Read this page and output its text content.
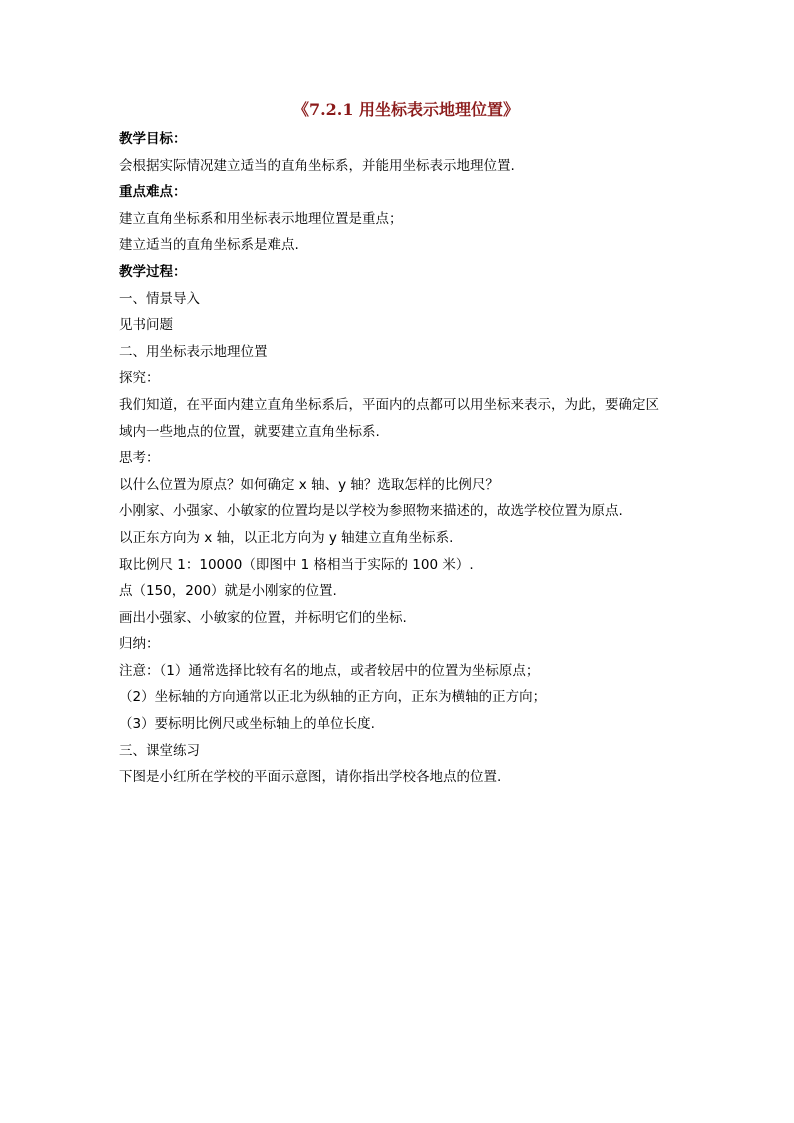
《7.2.1 用坐标表示地理位置》
教学目标：
会根据实际情况建立适当的直角坐标系，并能用坐标表示地理位置.
重点难点：
建立直角坐标系和用坐标表示地理位置是重点；
建立适当的直角坐标系是难点.
教学过程：
一、情景导入
见书问题
二、用坐标表示地理位置
探究：
我们知道，在平面内建立直角坐标系后，平面内的点都可以用坐标来表示，为此，要确定区
域内一些地点的位置，就要建立直角坐标系.
思考：
以什么位置为原点？如何确定 x 轴、y 轴？选取怎样的比例尺？
小刚家、小强家、小敏家的位置均是以学校为参照物来描述的，故选学校位置为原点.
以正东方向为 x 轴，以正北方向为 y 轴建立直角坐标系.
取比例尺 1：10000（即图中 1 格相当于实际的 100 米）.
点（150，200）就是小刚家的位置.
画出小强家、小敏家的位置，并标明它们的坐标.
归纳：
注意：（1）通常选择比较有名的地点，或者较居中的位置为坐标原点；
（2）坐标轴的方向通常以正北为纵轴的正方向，正东为横轴的正方向；
（3）要标明比例尺或坐标轴上的单位长度.
三、课堂练习
下图是小红所在学校的平面示意图，请你指出学校各地点的位置.
